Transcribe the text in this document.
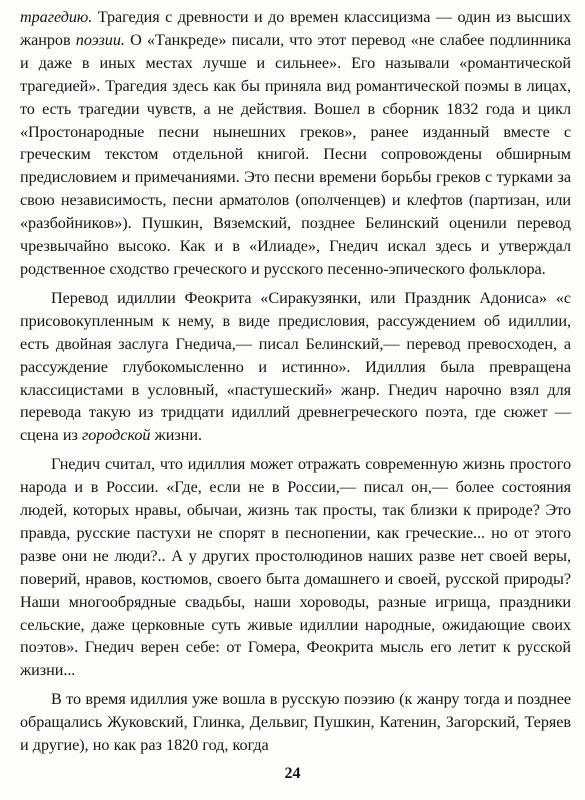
трагедию. Трагедия с древности и до времен классицизма — один из высших жанров поэзии. О «Танкреде» писали, что этот перевод «не слабее подлинника и даже в иных местах лучше и сильнее». Его называли «романтической трагедией». Трагедия здесь как бы приняла вид романтической поэмы в лицах, то есть трагедии чувств, а не действия. Вошел в сборник 1832 года и цикл «Простонародные песни нынешних греков», ранее изданный вместе с греческим текстом отдельной книгой. Песни сопровождены обширным предисловием и примечаниями. Это песни времени борьбы греков с турками за свою независимость, песни арматолов (ополченцев) и клефтов (партизан, или «разбойников»). Пушкин, Вяземский, позднее Белинский оценили перевод чрезвычайно высоко. Как и в «Илиаде», Гнедич искал здесь и утверждал родственное сходство греческого и русского песенно-эпического фольклора.

Перевод идиллии Феокрита «Сиракузянки, или Праздник Адониса» «с присовокупленным к нему, в виде предисловия, рассуждением об идиллии, есть двойная заслуга Гнедича,— писал Белинский,— перевод превосходен, а рассуждение глубокомысленно и истинно». Идиллия была превращена классицистами в условный, «пастушеский» жанр. Гнедич нарочно взял для перевода такую из тридцати идиллий древнегреческого поэта, где сюжет — сцена из городской жизни.

Гнедич считал, что идиллия может отражать современную жизнь простого народа и в России. «Где, если не в России,— писал он,— более состояния людей, которых нравы, обычаи, жизнь так просты, так близки к природе? Это правда, русские пастухи не спорят в песнопении, как греческие... но от этого разве они не люди?.. А у других простолюдинов наших разве нет своей веры, поверий, нравов, костюмов, своего быта домашнего и своей, русской природы? Наши многообрядные свадьбы, наши хороводы, разные игрища, праздники сельские, даже церковные суть живые идиллии народные, ожидающие своих поэтов». Гнедич верен себе: от Гомера, Феокрита мысль его летит к русской жизни...

В то время идиллия уже вошла в русскую поэзию (к жанру тогда и позднее обращались Жуковский, Глинка, Дельвиг, Пушкин, Катенин, Загорский, Теряев и другие), но как раз 1820 год, когда

24
